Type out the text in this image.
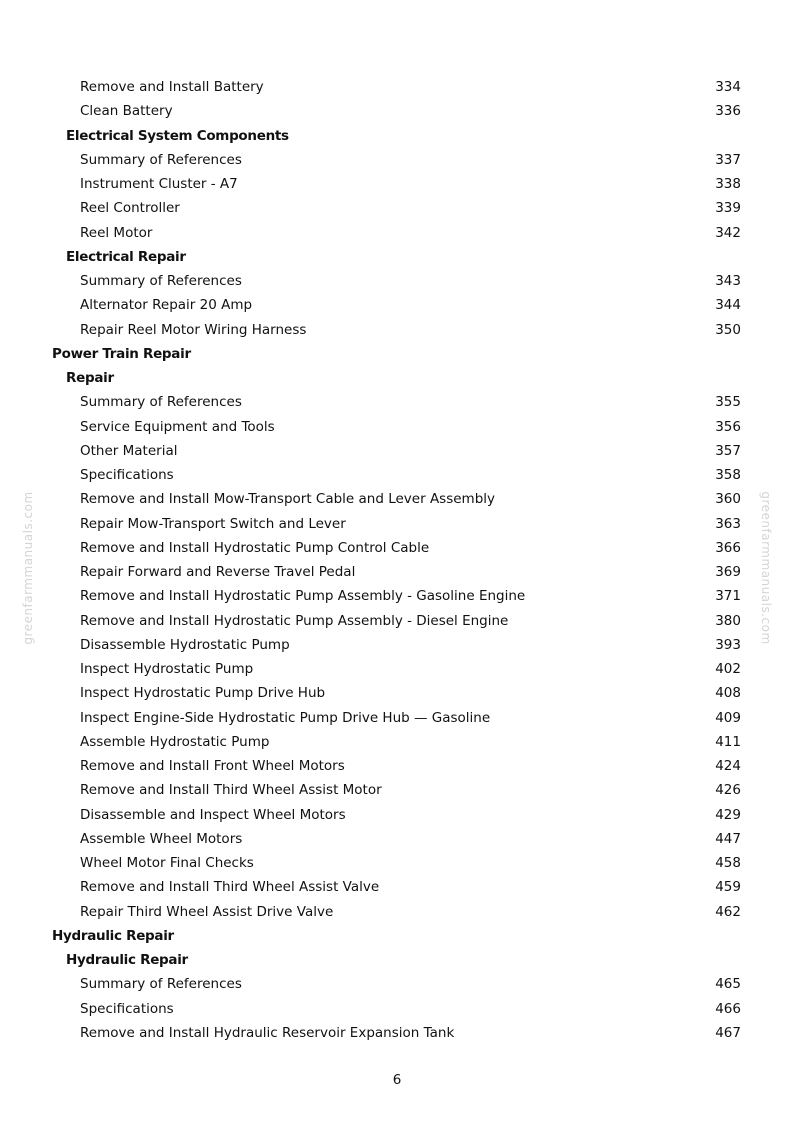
Remove and Install Battery	334
Clean Battery	336
Electrical System Components
Summary of References	337
Instrument Cluster - A7	338
Reel Controller	339
Reel Motor	342
Electrical Repair
Summary of References	343
Alternator Repair 20 Amp	344
Repair Reel Motor Wiring Harness	350
Power Train Repair
Repair
Summary of References	355
Service Equipment and Tools	356
Other Material	357
Specifications	358
Remove and Install Mow-Transport Cable and Lever Assembly	360
Repair Mow-Transport Switch and Lever	363
Remove and Install Hydrostatic Pump Control Cable	366
Repair Forward and Reverse Travel Pedal	369
Remove and Install Hydrostatic Pump Assembly - Gasoline Engine	371
Remove and Install Hydrostatic Pump Assembly - Diesel Engine	380
Disassemble Hydrostatic Pump	393
Inspect Hydrostatic Pump	402
Inspect Hydrostatic Pump Drive Hub	408
Inspect Engine-Side Hydrostatic Pump Drive Hub — Gasoline	409
Assemble Hydrostatic Pump	411
Remove and Install Front Wheel Motors	424
Remove and Install Third Wheel Assist Motor	426
Disassemble and Inspect Wheel Motors	429
Assemble Wheel Motors	447
Wheel Motor Final Checks	458
Remove and Install Third Wheel Assist Valve	459
Repair Third Wheel Assist Drive Valve	462
Hydraulic Repair
Hydraulic Repair
Summary of References	465
Specifications	466
Remove and Install Hydraulic Reservoir Expansion Tank	467
greenfarmmanuals.com	greenfarmmanuals.com
6
